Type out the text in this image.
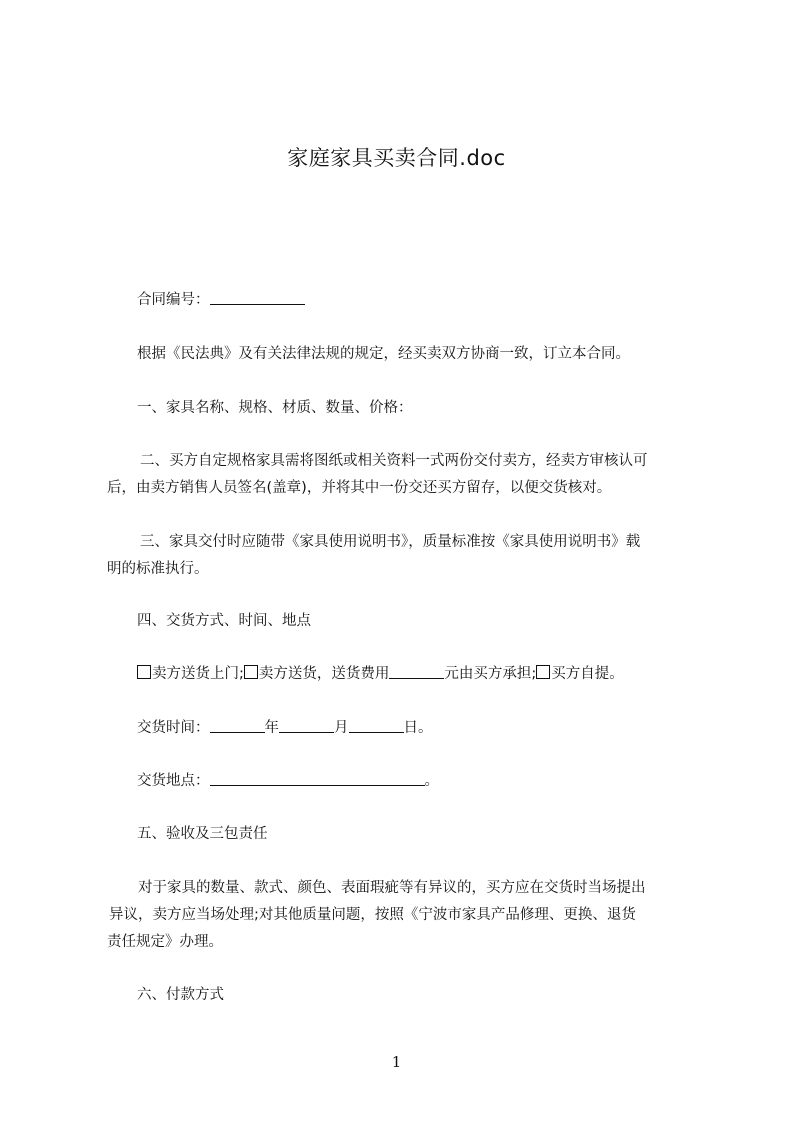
家庭家具买卖合同.doc
合同编号：
根据《民法典》及有关法律法规的规定，经买卖双方协商一致，订立本合同。
一、家具名称、规格、材质、数量、价格：
二、买方自定规格家具需将图纸或相关资料一式两份交付卖方，经卖方审核认可
后，由卖方销售人员签名(盖章)，并将其中一份交还买方留存，以便交货核对。
三、家具交付时应随带《家具使用说明书》，质量标准按《家具使用说明书》载
明的标准执行。
四、交货方式、时间、地点
卖方送货上门; 卖方送货，送货费用	元由买方承担; 买方自提。
交货时间：	年	月	日。
交货地点：	。
五、验收及三包责任
对于家具的数量、款式、颜色、表面瑕疵等有异议的，买方应在交货时当场提出
异议，卖方应当场处理;对其他质量问题，按照《宁波市家具产品修理、更换、退货
责任规定》办理。
六、付款方式
1
